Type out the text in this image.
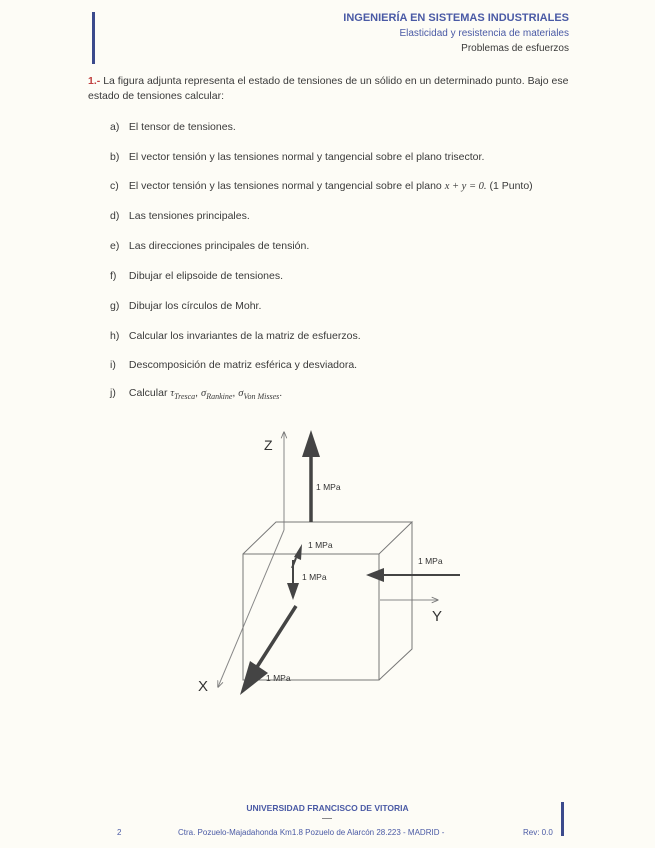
INGENIERÍA EN SISTEMAS INDUSTRIALES
Elasticidad y resistencia de materiales
Problemas de esfuerzos
1.- La figura adjunta representa el estado de tensiones de un sólido en un determinado punto. Bajo ese estado de tensiones calcular:
a) El tensor de tensiones.
b) El vector tensión y las tensiones normal y tangencial sobre el plano trisector.
c) El vector tensión y las tensiones normal y tangencial sobre el plano x + y = 0. (1 Punto)
d) Las tensiones principales.
e) Las direcciones principales de tensión.
f) Dibujar el elipsoide de tensiones.
g) Dibujar los círculos de Mohr.
h) Calcular los invariantes de la matriz de esfuerzos.
i) Descomposición de matriz esférica y desviadora.
j) Calcular $\tau_{Tresca}$, $\sigma_{Rankine}$, $\sigma_{Von Misses}$.
Z
Y
X
1 MPa
1 MPa
1 MPa
1 MPa
1 MPa
UNIVERSIDAD FRANCISCO DE VITORIA
2	Ctra. Pozuelo-Majadahonda Km1.8 Pozuelo de Alarcón 28.223 - MADRID -	Rev: 0.0
